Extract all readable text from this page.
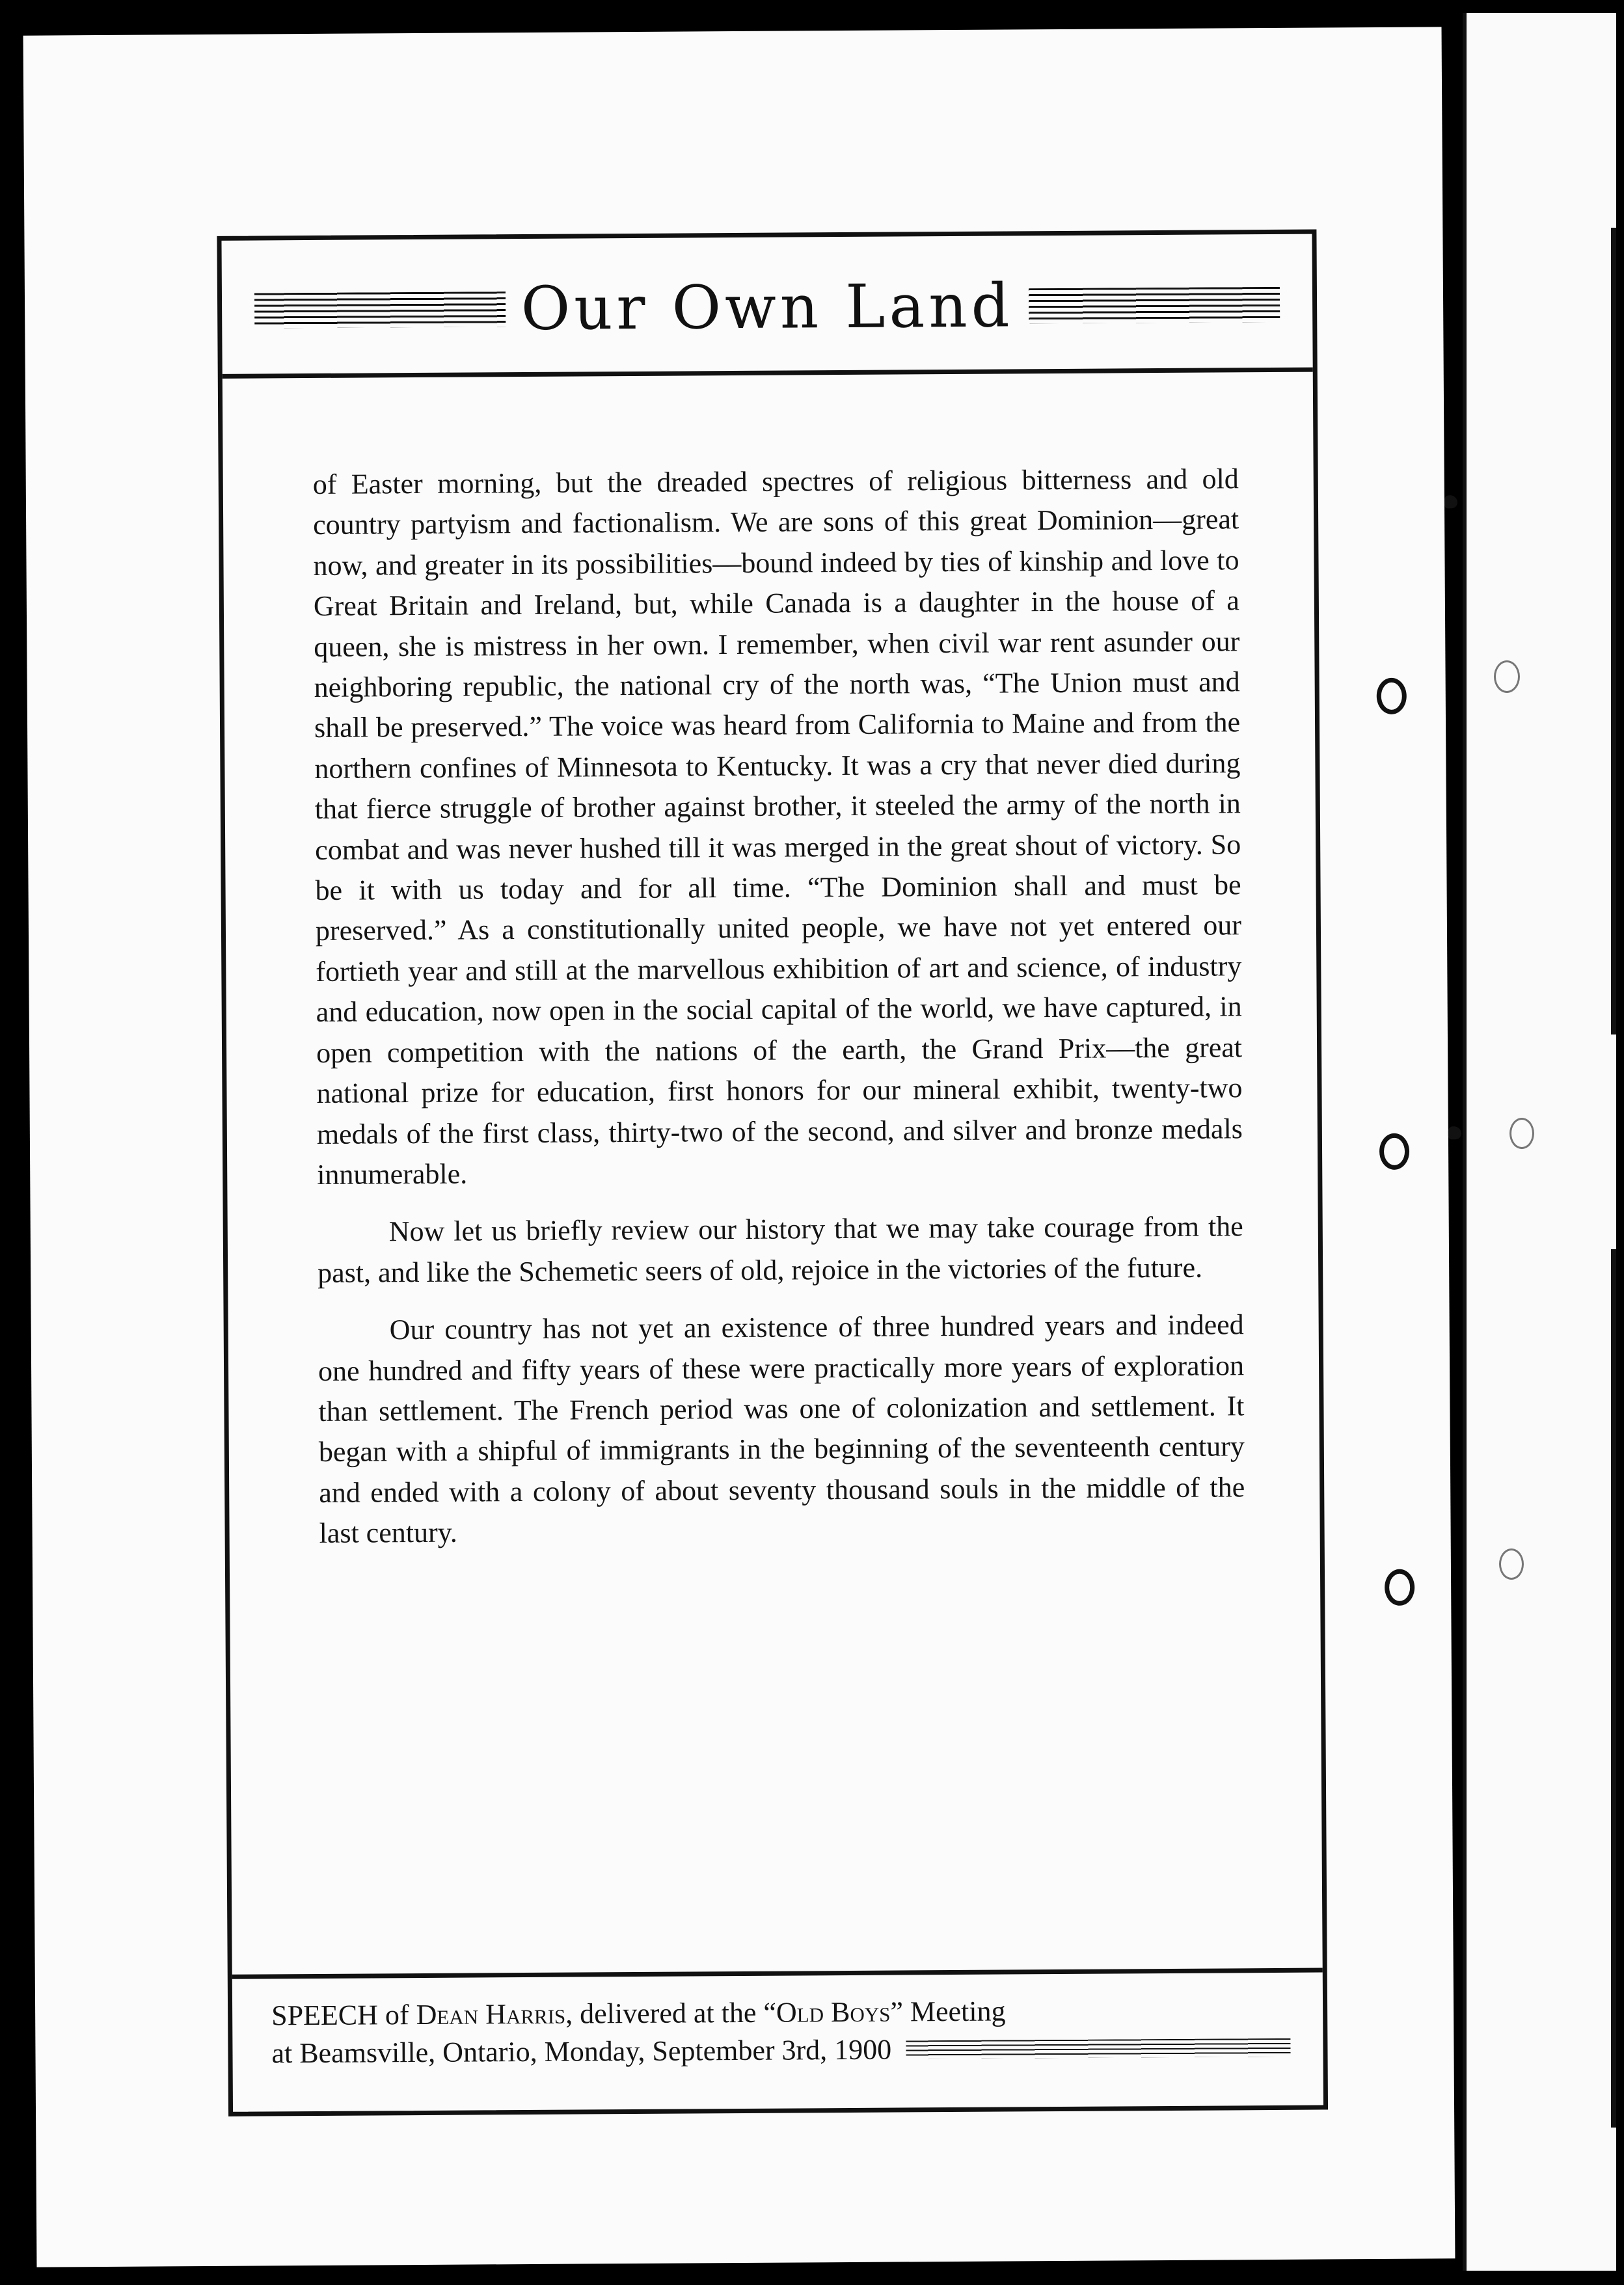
Our Own Land

of Easter morning, but the dreaded spectres of religious bitterness and old country partyism and factionalism. We are sons of this great Dominion—great now, and greater in its possibilities—bound indeed by ties of kinship and love to Great Britain and Ireland, but, while Canada is a daughter in the house of a queen, she is mistress in her own. I remember, when civil war rent asunder our neighboring republic, the national cry of the north was, “The Union must and shall be preserved.” The voice was heard from California to Maine and from the northern confines of Minnesota to Kentucky. It was a cry that never died during that fierce struggle of brother against brother, it steeled the army of the north in combat and was never hushed till it was merged in the great shout of victory. So be it with us today and for all time. “The Dominion shall and must be preserved.” As a constitutionally united people, we have not yet entered our fortieth year and still at the marvellous exhibition of art and science, of industry and education, now open in the social capital of the world, we have captured, in open competition with the nations of the earth, the Grand Prix—the great national prize for education, first honors for our mineral exhibit, twenty-two medals of the first class, thirty-two of the second, and silver and bronze medals innumerable.

Now let us briefly review our history that we may take courage from the past, and like the Schemetic seers of old, rejoice in the victories of the future.

Our country has not yet an existence of three hundred years and indeed one hundred and fifty years of these were practically more years of exploration than settlement. The French period was one of colonization and settlement. It began with a shipful of immigrants in the beginning of the seventeenth century and ended with a colony of about seventy thousand souls in the middle of the last century.

SPEECH of Dean Harris, delivered at the “Old Boys” Meeting
at Beamsville, Ontario, Monday, September 3rd, 1900
